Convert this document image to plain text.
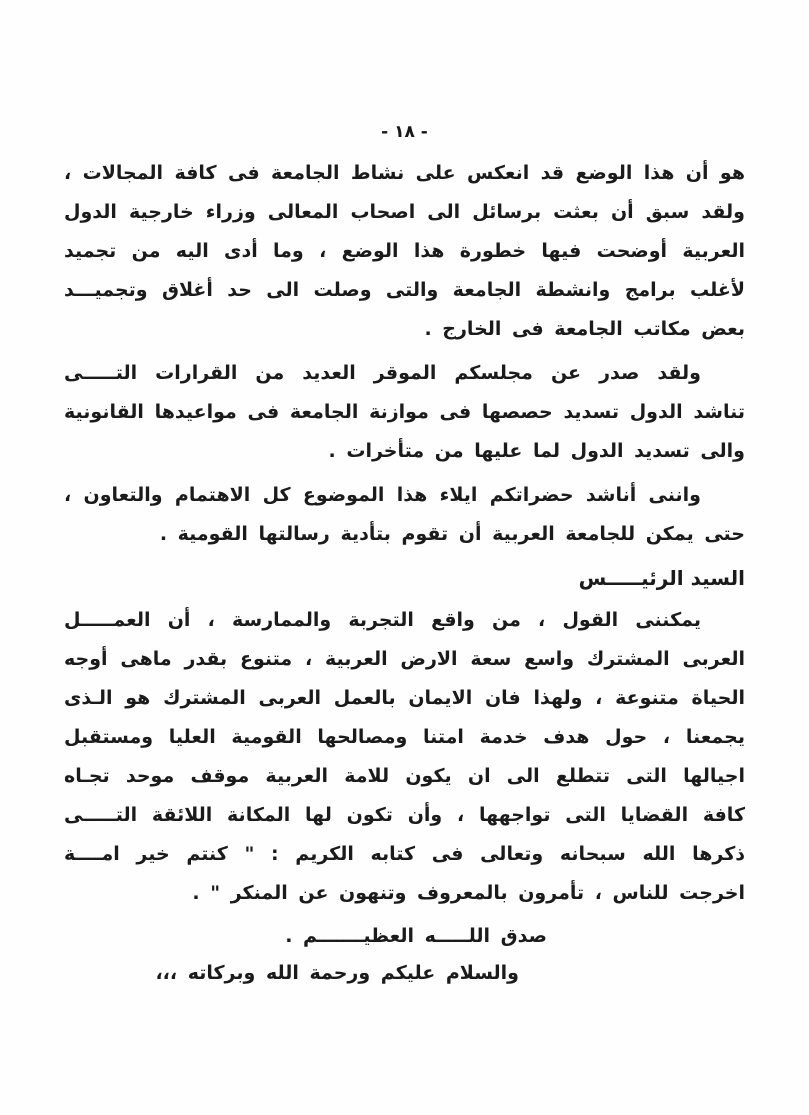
- ١٨ -
هو أن هذا الوضع قد انعكس على نشاط الجامعة فى كافة المجالات ،
ولقد سبق أن بعثت برسائل الى اصحاب المعالى وزراء خارجية الدول
العربية أوضحت فيها خطورة هذا الوضع ، وما أدى اليه من تجميد
لأغلب برامج وانشطة الجامعة والتى وصلت الى حد أغلاق وتجميـــد
بعض مكاتب الجامعة فى الخارج .
ولقد صدر عن مجلسكم الموقر العديد من القرارات التـــــى
تناشد الدول تسديد حصصها فى موازنة الجامعة فى مواعيدها القانونية
والى تسديد الدول لما عليها من متأخرات .
واننى أناشد حضراتكم ايلاء هذا الموضوع كل الاهتمام والتعاون ،
حتى يمكن للجامعة العربية أن تقوم بتأدية رسالتها القومية .
السيد الرئيـــــس
يمكننى القول ، من واقع التجربة والممارسة ، أن العمـــــل
العربى المشترك واسع سعة الارض العربية ، متنوع بقدر ماهى أوجه
الحياة متنوعة ، ولهذا فان الايمان بالعمل العربى المشترك هو الـذى
يجمعنا ، حول هدف خدمة امتنا ومصالحها القومية العليا ومستقبل
اجيالها التى تتطلع الى ان يكون للامة العربية موقف موحد تجـاه
كافة القضايا التى تواجهها ، وأن تكون لها المكانة اللائقة التـــــى
ذكرها الله سبحانه وتعالى فى كتابه الكريم : " كنتم خير امــــة
اخرجت للناس ، تأمرون بالمعروف وتنهون عن المنكر " .
صدق اللـــــه العظيـــــــم .
والسلام عليكم ورحمة الله وبركاته ،،،
